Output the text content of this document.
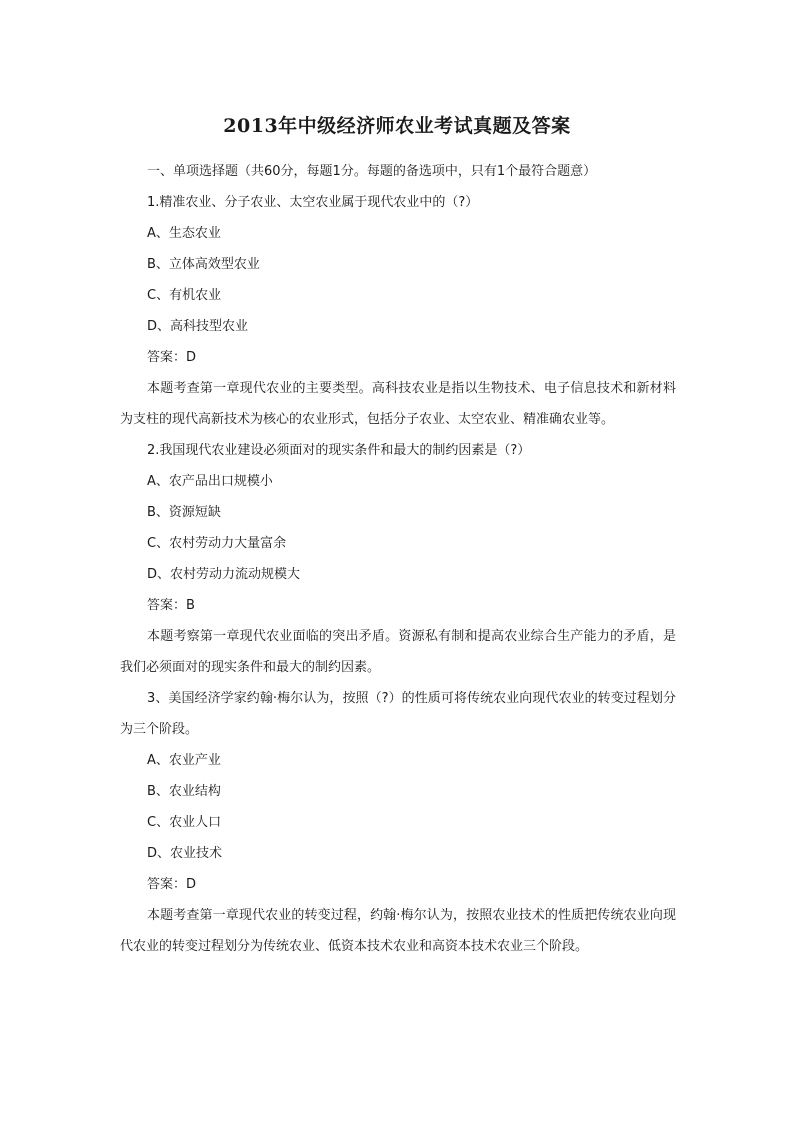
2013年中级经济师农业考试真题及答案

一、单项选择题（共60分，每题1分。每题的备选项中，只有1个最符合题意）

1.精准农业、分子农业、太空农业属于现代农业中的（?）

A、生态农业

B、立体高效型农业

C、有机农业

D、高科技型农业

答案：D

本题考查第一章现代农业的主要类型。高科技农业是指以生物技术、电子信息技术和新材料为支柱的现代高新技术为核心的农业形式，包括分子农业、太空农业、精准确农业等。

2.我国现代农业建设必须面对的现实条件和最大的制约因素是（?）

A、农产品出口规模小

B、资源短缺

C、农村劳动力大量富余

D、农村劳动力流动规模大

答案：B

本题考察第一章现代农业面临的突出矛盾。资源私有制和提高农业综合生产能力的矛盾，是我们必须面对的现实条件和最大的制约因素。

3、美国经济学家约翰·梅尔认为，按照（?）的性质可将传统农业向现代农业的转变过程划分为三个阶段。

A、农业产业

B、农业结构

C、农业人口

D、农业技术

答案：D

本题考查第一章现代农业的转变过程，约翰·梅尔认为，按照农业技术的性质把传统农业向现代农业的转变过程划分为传统农业、低资本技术农业和高资本技术农业三个阶段。
